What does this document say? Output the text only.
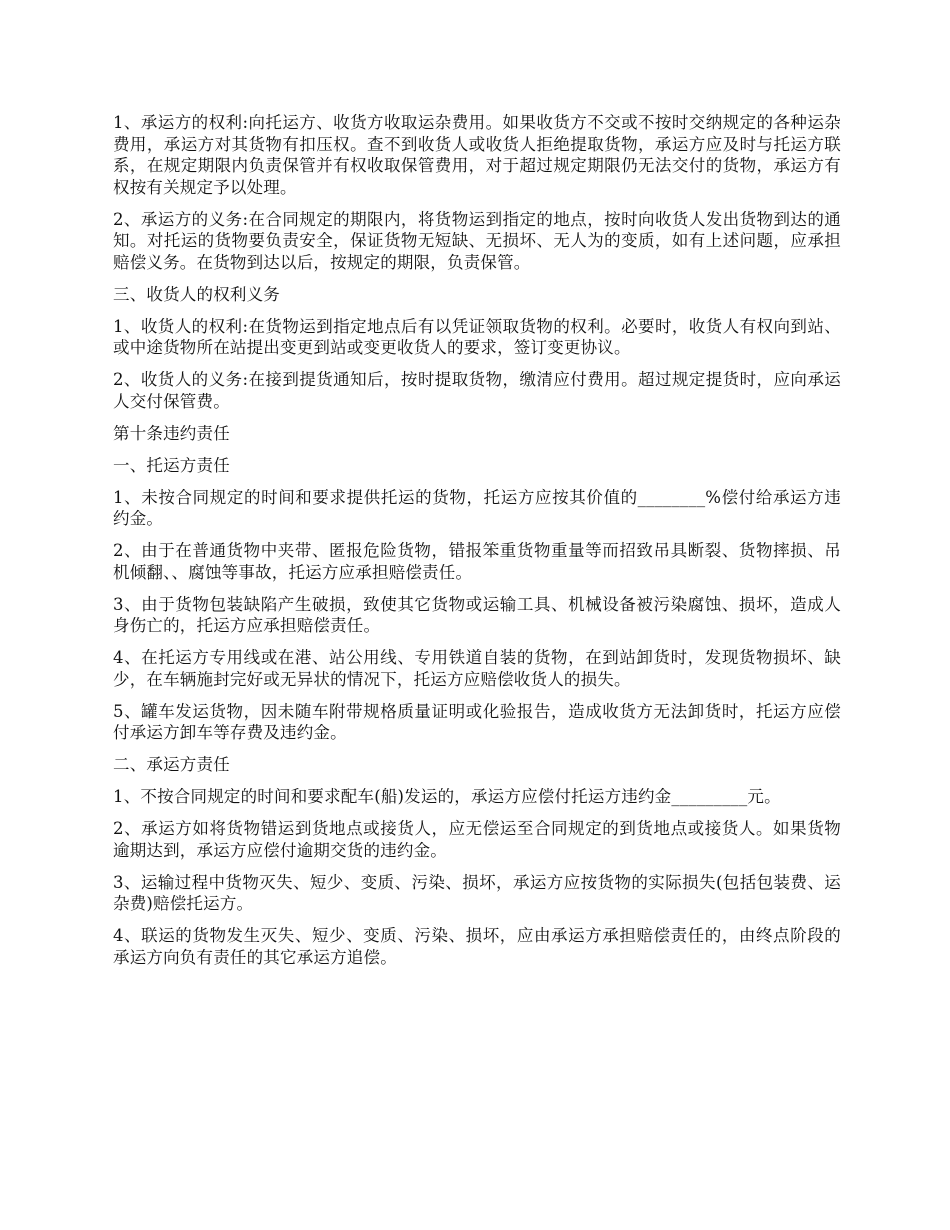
1、承运方的权利:向托运方、收货方收取运杂费用。如果收货方不交或不按时交纳规定的各种运杂费用，承运方对其货物有扣压权。查不到收货人或收货人拒绝提取货物，承运方应及时与托运方联系，在规定期限内负责保管并有权收取保管费用，对于超过规定期限仍无法交付的货物，承运方有权按有关规定予以处理。

2、承运方的义务:在合同规定的期限内，将货物运到指定的地点，按时向收货人发出货物到达的通知。对托运的货物要负责安全，保证货物无短缺、无损坏、无人为的变质，如有上述问题，应承担赔偿义务。在货物到达以后，按规定的期限，负责保管。

三、收货人的权利义务

1、收货人的权利:在货物运到指定地点后有以凭证领取货物的权利。必要时，收货人有权向到站、或中途货物所在站提出变更到站或变更收货人的要求，签订变更协议。

2、收货人的义务:在接到提货通知后，按时提取货物，缴清应付费用。超过规定提货时，应向承运人交付保管费。

第十条违约责任

一、托运方责任

1、未按合同规定的时间和要求提供托运的货物，托运方应按其价值的________%偿付给承运方违约金。

2、由于在普通货物中夹带、匿报危险货物，错报笨重货物重量等而招致吊具断裂、货物摔损、吊机倾翻、、腐蚀等事故，托运方应承担赔偿责任。

3、由于货物包装缺陷产生破损，致使其它货物或运输工具、机械设备被污染腐蚀、损坏，造成人身伤亡的，托运方应承担赔偿责任。

4、在托运方专用线或在港、站公用线、专用铁道自装的货物，在到站卸货时，发现货物损坏、缺少，在车辆施封完好或无异状的情况下，托运方应赔偿收货人的损失。

5、罐车发运货物，因未随车附带规格质量证明或化验报告，造成收货方无法卸货时，托运方应偿付承运方卸车等存费及违约金。

二、承运方责任

1、不按合同规定的时间和要求配车(船)发运的，承运方应偿付托运方违约金_________元。

2、承运方如将货物错运到货地点或接货人，应无偿运至合同规定的到货地点或接货人。如果货物逾期达到，承运方应偿付逾期交货的违约金。

3、运输过程中货物灭失、短少、变质、污染、损坏，承运方应按货物的实际损失(包括包装费、运杂费)赔偿托运方。

4、联运的货物发生灭失、短少、变质、污染、损坏，应由承运方承担赔偿责任的，由终点阶段的承运方向负有责任的其它承运方追偿。
